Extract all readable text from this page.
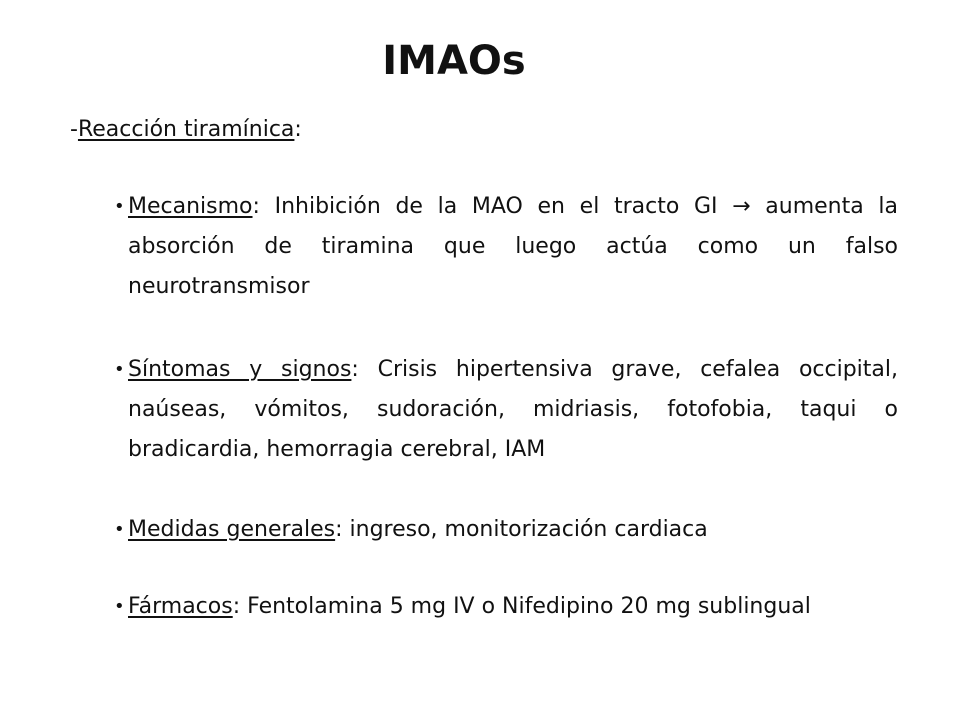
IMAOs
-Reacción tiramínica:
• Mecanismo: Inhibición de la MAO en el tracto GI → aumenta la absorción de tiramina que luego actúa como un falso neurotransmisor
• Síntomas y signos: Crisis hipertensiva grave, cefalea occipital, naúseas, vómitos, sudoración, midriasis, fotofobia, taqui o bradicardia, hemorragia cerebral, IAM
• Medidas generales: ingreso, monitorización cardiaca
• Fármacos: Fentolamina 5 mg IV o Nifedipino 20 mg sublingual
